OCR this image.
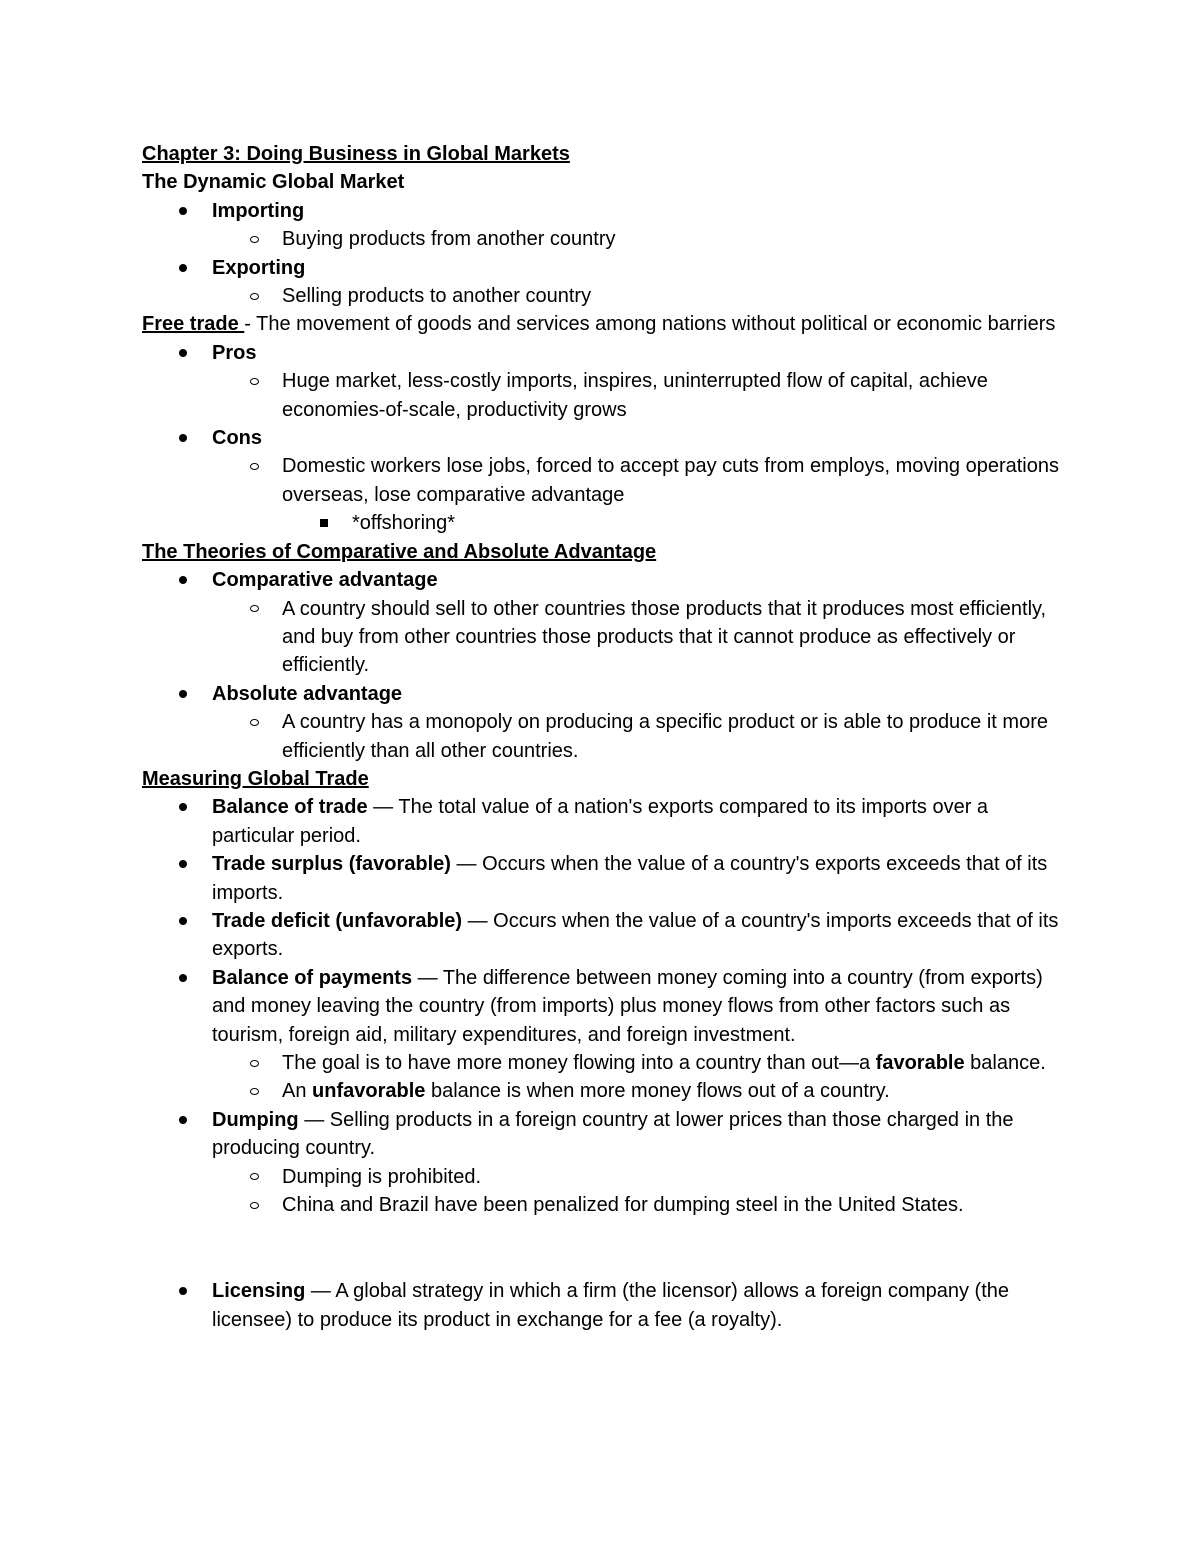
Chapter 3: Doing Business in Global Markets

The Dynamic Global Market

Importing
Buying products from another country
Exporting
Selling products to another country

Free trade - The movement of goods and services among nations without political or economic barriers

Pros
Huge market, less-costly imports, inspires, uninterrupted flow of capital, achieve economies-of-scale, productivity grows
Cons
Domestic workers lose jobs, forced to accept pay cuts from employs, moving operations overseas, lose comparative advantage
*offshoring*

The Theories of Comparative and Absolute Advantage

Comparative advantage
A country should sell to other countries those products that it produces most efficiently, and buy from other countries those products that it cannot produce as effectively or efficiently.
Absolute advantage
A country has a monopoly on producing a specific product or is able to produce it more efficiently than all other countries.

Measuring Global Trade

Balance of trade — The total value of a nation's exports compared to its imports over a particular period.
Trade surplus (favorable) — Occurs when the value of a country's exports exceeds that of its imports.
Trade deficit (unfavorable) — Occurs when the value of a country's imports exceeds that of its exports.
Balance of payments — The difference between money coming into a country (from exports) and money leaving the country (from imports) plus money flows from other factors such as tourism, foreign aid, military expenditures, and foreign investment.
The goal is to have more money flowing into a country than out—a favorable balance.
An unfavorable balance is when more money flows out of a country.
Dumping — Selling products in a foreign country at lower prices than those charged in the producing country.
Dumping is prohibited.
China and Brazil have been penalized for dumping steel in the United States.
Licensing — A global strategy in which a firm (the licensor) allows a foreign company (the licensee) to produce its product in exchange for a fee (a royalty).
